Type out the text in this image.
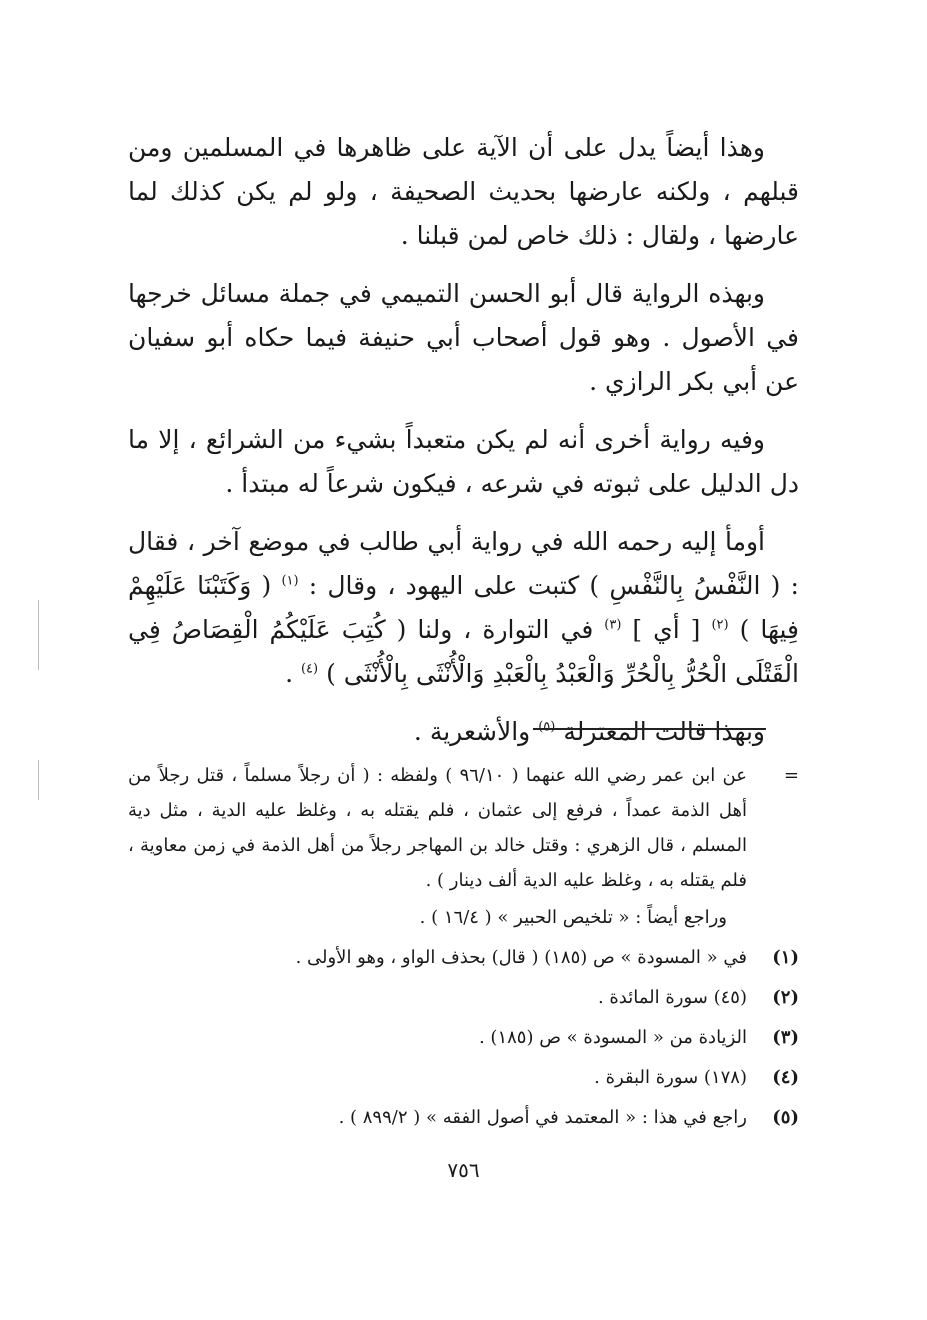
وهذا أيضاً يدل على أن الآية على ظاهرها في المسلمين ومن قبلهم ، ولكنه عارضها بحديث الصحيفة ، ولو لم يكن كذلك لما عارضها ، ولقال : ذلك خاص لمن قبلنا .

وبهذه الرواية قال أبو الحسن التميمي في جملة مسائل خرجها في الأصول . وهو قول أصحاب أبي حنيفة فيما حكاه أبو سفيان عن أبي بكر الرازي .

وفيه رواية أخرى أنه لم يكن متعبداً بشيء من الشرائع ، إلا ما دل الدليل على ثبوته في شرعه ، فيكون شرعاً له مبتدأ .

أومأ إليه رحمه الله في رواية أبي طالب في موضع آخر ، فقال : ( النَّفْسُ بِالنَّفْسِ ) كتبت على اليهود ، وقال : $^{(١)}$ ( وَكَتَبْنَا عَلَيْهِمْ فِيهَا ) $^{(٢)}$ [ أي ] $^{(٣)}$ في التوارة ، ولنا ( كُتِبَ عَلَيْكُمُ الْقِصَاصُ فِي الْقَتْلَى الْحُرُّ بِالْحُرِّ وَالْعَبْدُ بِالْعَبْدِ وَالْأُنْثَى بِالْأُنْثَى ) $^{(٤)}$ .

وبهذا قالت المعتزلة $^{(٥)}$ والأشعرية .

=

عن ابن عمر رضي الله عنهما ( ٩٦/١٠ ) ولفظه : ( أن رجلاً مسلماً ، قتل رجلاً من أهل الذمة عمداً ، فرفع إلى عثمان ، فلم يقتله به ، وغلظ عليه الدية ، مثل دية المسلم ، قال الزهري : وقتل خالد بن المهاجر رجلاً من أهل الذمة في زمن معاوية ، فلم يقتله به ، وغلظ عليه الدية ألف دينار ) .

وراجع أيضاً : « تلخيص الحبير » ( ١٦/٤ ) .

(١)
في « المسودة » ص (١٨٥) ( قال) بحذف الواو ، وهو الأولى .
(٢)
(٤٥) سورة المائدة .
(٣)
الزيادة من « المسودة » ص (١٨٥) .
(٤)
(١٧٨) سورة البقرة .
(٥)
راجع في هذا : « المعتمد في أصول الفقه » ( ٨٩٩/٢ ) .
٧٥٦
